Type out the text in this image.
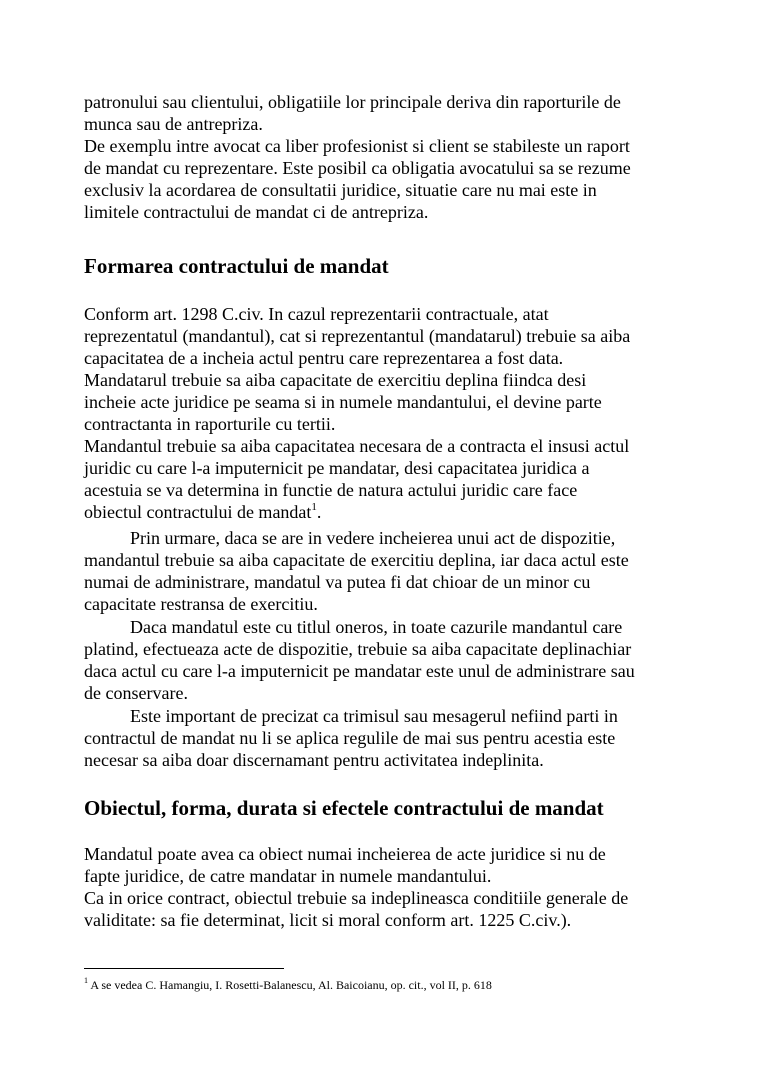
patronului sau clientului, obligatiile lor principale deriva din raporturile de
munca sau de antrepriza.
De exemplu intre avocat ca liber profesionist si client se stabileste un raport
de mandat cu reprezentare. Este posibil ca obligatia avocatului sa se rezume
exclusiv la acordarea de consultatii juridice, situatie care nu mai este in
limitele contractului de mandat ci de antrepriza.
Formarea contractului de mandat
Conform art. 1298 C.civ. In cazul reprezentarii contractuale, atat
reprezentatul (mandantul), cat si reprezentantul (mandatarul) trebuie sa aiba
capacitatea de a incheia actul pentru care reprezentarea a fost data.
Mandatarul trebuie sa aiba capacitate de exercitiu deplina fiindca desi
incheie acte juridice pe seama si in numele mandantului, el devine parte
contractanta in raporturile cu tertii.
Mandantul trebuie sa aiba capacitatea necesara de a contracta el insusi actul
juridic cu care l-a imputernicit pe mandatar, desi capacitatea juridica a
acestuia se va determina in functie de natura actului juridic care face
obiectul contractului de mandat$^1$.
Prin urmare, daca se are in vedere incheierea unui act de dispozitie,
mandantul trebuie sa aiba capacitate de exercitiu deplina, iar daca actul este
numai de administrare, mandatul va putea fi dat chioar de un minor cu
capacitate restransa de exercitiu.
Daca mandatul este cu titlul oneros, in toate cazurile mandantul care
platind, efectueaza acte de dispozitie, trebuie sa aiba capacitate deplinachiar
daca actul cu care l-a imputernicit pe mandatar este unul de administrare sau
de conservare.
Este important de precizat ca trimisul sau mesagerul nefiind parti in
contractul de mandat nu li se aplica regulile de mai sus pentru acestia este
necesar sa aiba doar discernamant pentru activitatea indeplinita.
Obiectul, forma, durata si efectele contractului de mandat
Mandatul poate avea ca obiect numai incheierea de acte juridice si nu de
fapte juridice, de catre mandatar in numele mandantului.
Ca in orice contract, obiectul trebuie sa indeplineasca conditiile generale de
validitate: sa fie determinat, licit si moral conform art. 1225 C.civ.).
$^1$ A se vedea C. Hamangiu, I. Rosetti-Balanescu, Al. Baicoianu, op. cit., vol II, p. 618
